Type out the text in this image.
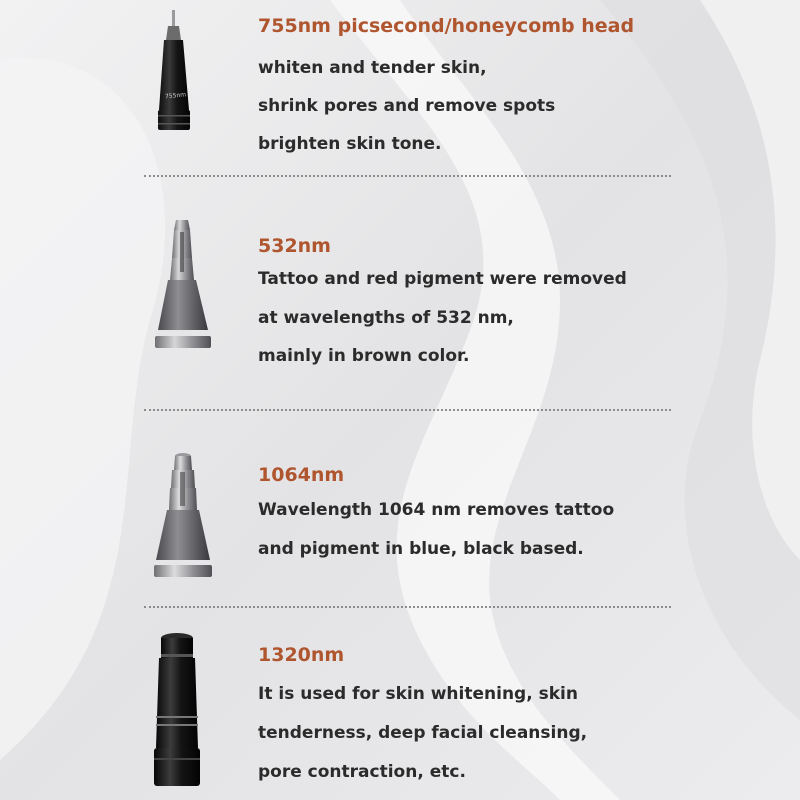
755nm
755nm picsecond/honeycomb head
whiten and tender skin,
shrink pores and remove spots
brighten skin tone.
532nm
Tattoo and red pigment were removed
at wavelengths of 532 nm,
mainly in brown color.
1064nm
Wavelength 1064 nm removes tattoo
and pigment in blue, black based.
1320nm
It is used for skin whitening, skin
tenderness, deep facial cleansing,
pore contraction, etc.
